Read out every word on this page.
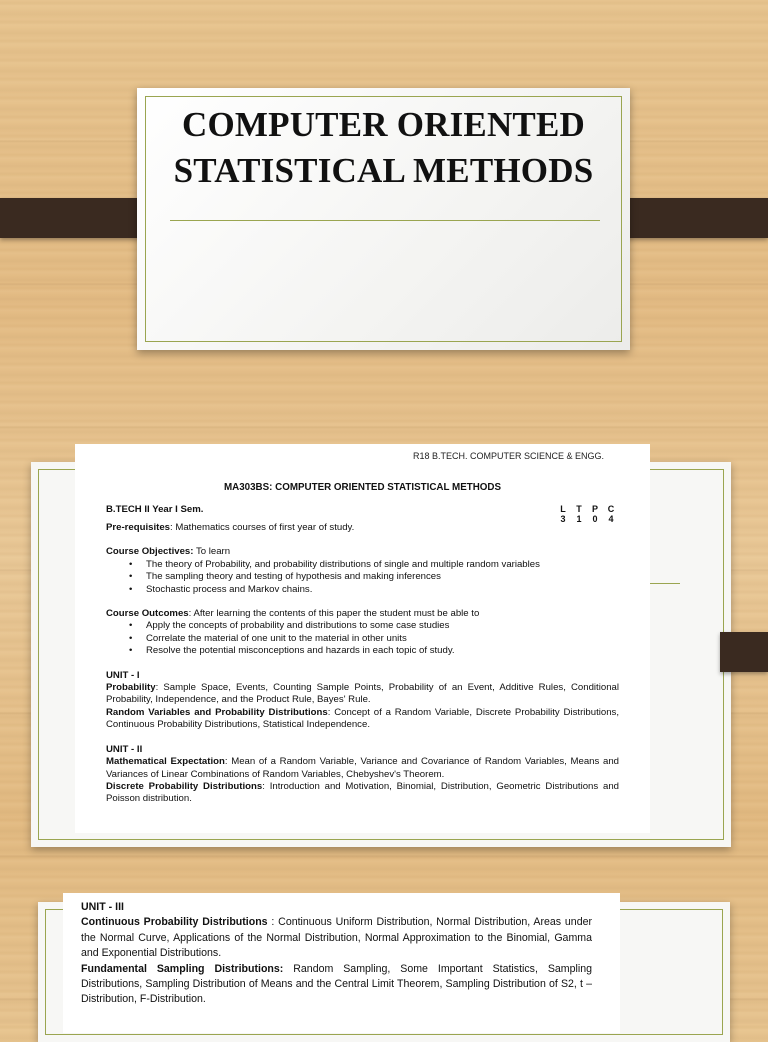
COMPUTER ORIENTED
STATISTICAL METHODS
R18 B.TECH. COMPUTER SCIENCE & ENGG.
MA303BS: COMPUTER ORIENTED STATISTICAL METHODS
B.TECH II Year I Sem.	L	T	P	C
3	1	0	4
Pre-requisites: Mathematics courses of first year of study.
Course Objectives: To learn
• The theory of Probability, and probability distributions of single and multiple random variables
• The sampling theory and testing of hypothesis and making inferences
• Stochastic process and Markov chains.
Course Outcomes: After learning the contents of this paper the student must be able to
• Apply the concepts of probability and distributions to some case studies
• Correlate the material of one unit to the material in other units
• Resolve the potential misconceptions and hazards in each topic of study.
UNIT - I
Probability: Sample Space, Events, Counting Sample Points, Probability of an Event, Additive Rules, Conditional Probability, Independence, and the Product Rule, Bayes' Rule.
Random Variables and Probability Distributions: Concept of a Random Variable, Discrete Probability Distributions, Continuous Probability Distributions, Statistical Independence.
UNIT - II
Mathematical Expectation: Mean of a Random Variable, Variance and Covariance of Random Variables, Means and Variances of Linear Combinations of Random Variables, Chebyshev's Theorem.
Discrete Probability Distributions: Introduction and Motivation, Binomial, Distribution, Geometric Distributions and Poisson distribution.
UNIT - III
Continuous Probability Distributions : Continuous Uniform Distribution, Normal Distribution, Areas under the Normal Curve, Applications of the Normal Distribution, Normal Approximation to the Binomial, Gamma and Exponential Distributions.
Fundamental Sampling Distributions: Random Sampling, Some Important Statistics, Sampling Distributions, Sampling Distribution of Means and the Central Limit Theorem, Sampling Distribution of S2, t –Distribution, F-Distribution.
